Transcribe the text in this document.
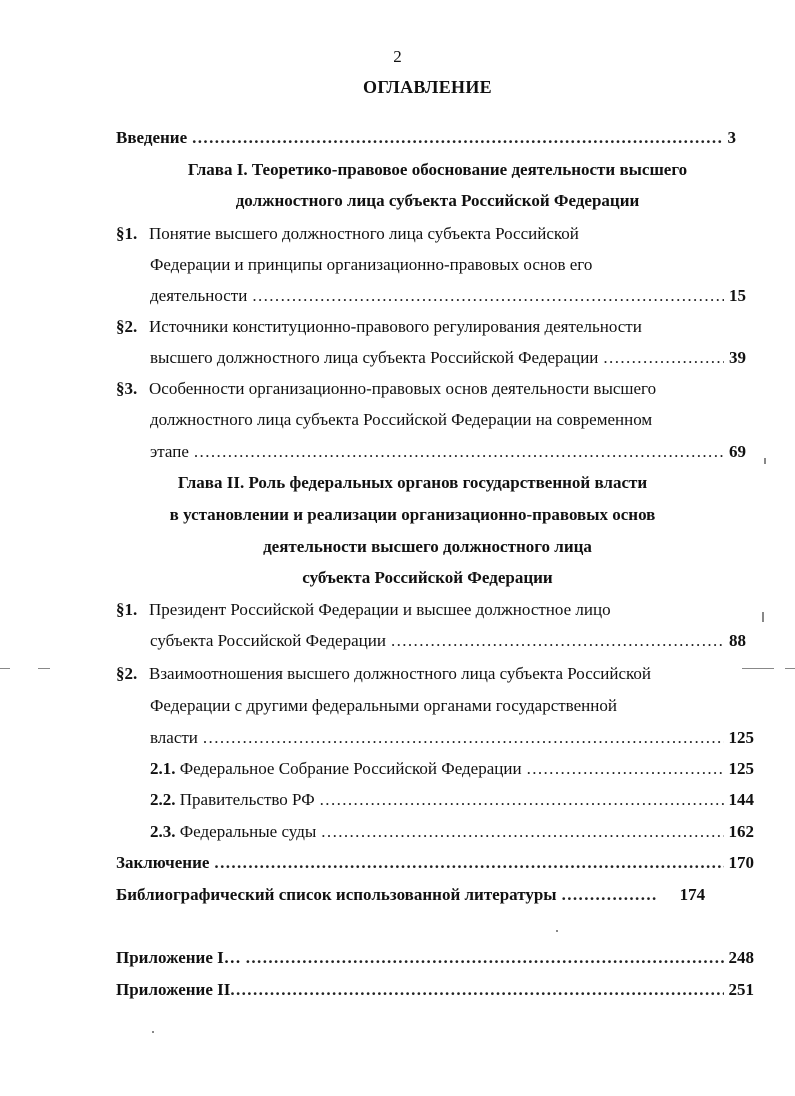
2
ОГЛАВЛЕНИЕ
Введение .....	3
Глава I. Теоретико-правовое обоснование деятельности высшего
должностного лица субъекта Российской Федерации
§1. Понятие высшего должностного лица субъекта Российской
Федерации и принципы организационно-правовых основ его
деятельности .....	15
§2. Источники конституционно-правового регулирования деятельности
высшего должностного лица субъекта Российской Федерации .....	39
§3. Особенности организационно-правовых основ деятельности высшего
должностного лица субъекта Российской Федерации на современном
этапе .....	69
Глава II. Роль федеральных органов государственной власти
в установлении и реализации организационно-правовых основ
деятельности высшего должностного лица
субъекта Российской Федерации
§1. Президент Российской Федерации и высшее должностное лицо
субъекта Российской Федерации .....	88
§2. Взаимоотношения высшего должностного лица субъекта Российской
Федерации с другими федеральными органами государственной
власти .....	125
2.1. Федеральное Собрание Российской Федерации .....	125
2.2. Правительство РФ .....	144
2.3. Федеральные суды .....	162
Заключение .....	170
Библиографический список использованной литературы .....	174
Приложение I… .....	248
Приложение II .....	251
